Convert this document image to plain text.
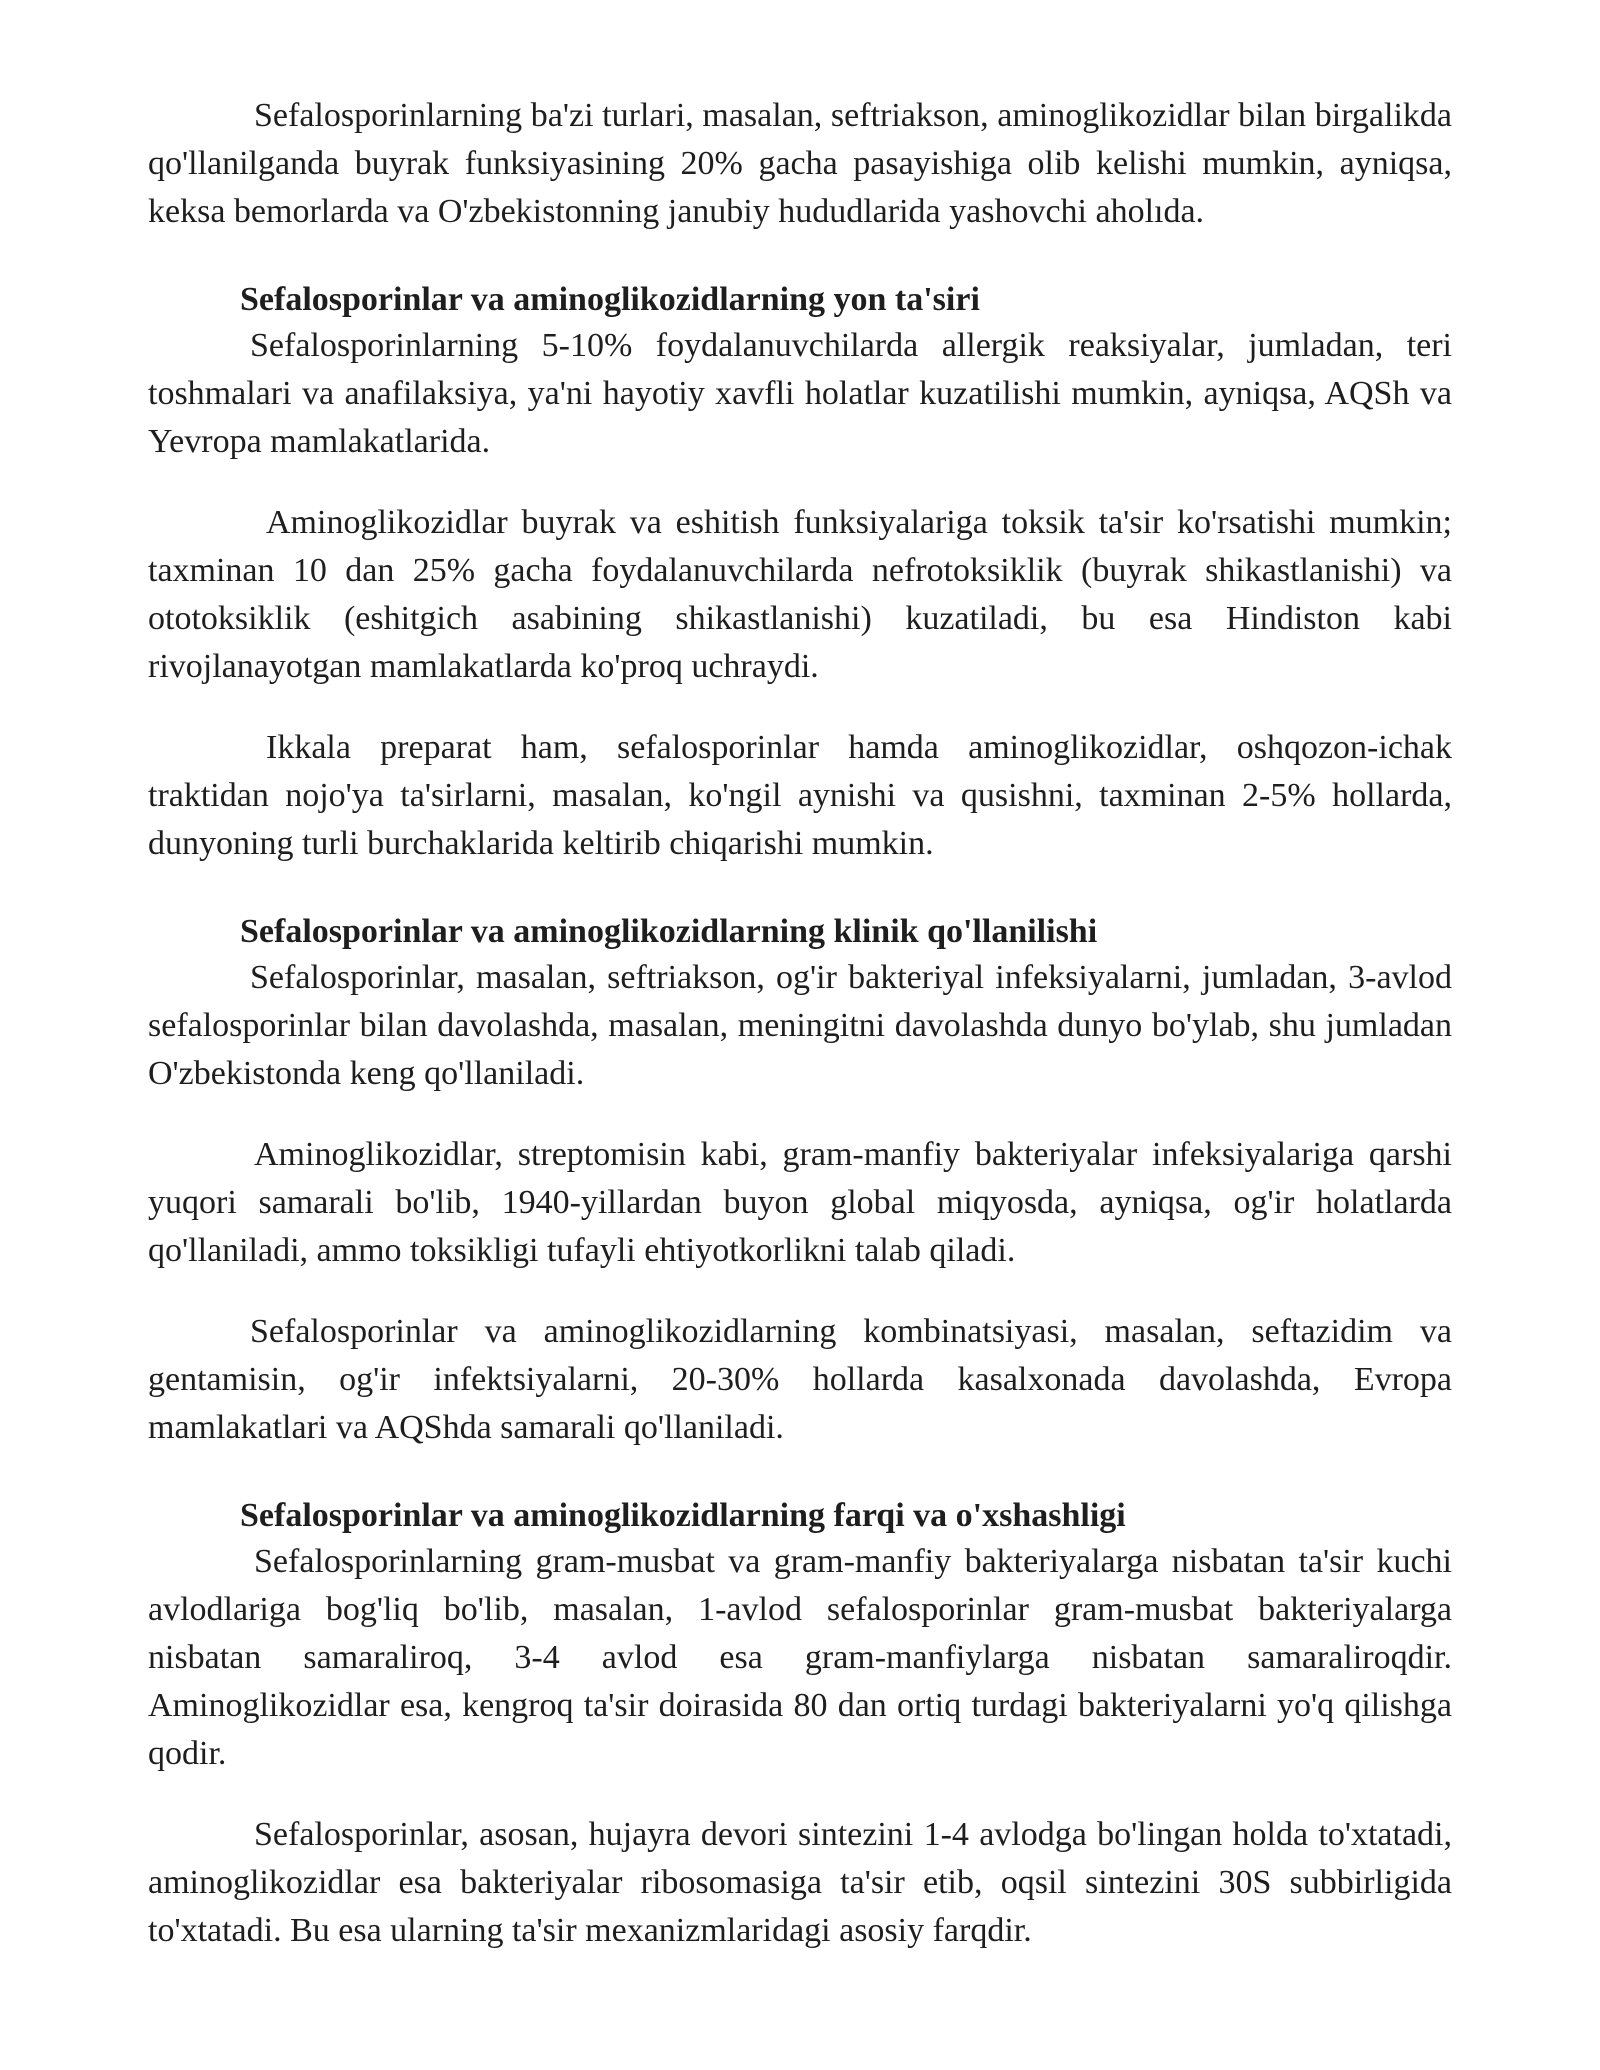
Sefalosporinlarning ba'zi turlari, masalan, seftriakson, aminoglikozidlar bilan birgalikda qo'llanilganda buyrak funksiyasining 20% gacha pasayishiga olib kelishi mumkin, ayniqsa, keksa bemorlarda va O'zbekistonning janubiy hududlarida yashovchi aholıda.

Sefalosporinlar va aminoglikozidlarning yon ta'siri

Sefalosporinlarning 5-10% foydalanuvchilarda allergik reaksiyalar, jumladan, teri toshmalari va anafilaksiya, ya'ni hayotiy xavfli holatlar kuzatilishi mumkin, ayniqsa, AQSh va Yevropa mamlakatlarida.

Aminoglikozidlar buyrak va eshitish funksiyalariga toksik ta'sir ko'rsatishi mumkin; taxminan 10 dan 25% gacha foydalanuvchilarda nefrotoksiklik (buyrak shikastlanishi) va ototoksiklik (eshitgich asabining shikastlanishi) kuzatiladi, bu esa Hindiston kabi rivojlanayotgan mamlakatlarda ko'proq uchraydi.

Ikkala preparat ham, sefalosporinlar hamda aminoglikozidlar, oshqozon-ichak traktidan nojo'ya ta'sirlarni, masalan, ko'ngil aynishi va qusishni, taxminan 2-5% hollarda, dunyoning turli burchaklarida keltirib chiqarishi mumkin.

Sefalosporinlar va aminoglikozidlarning klinik qo'llanilishi

Sefalosporinlar, masalan, seftriakson, og'ir bakteriyal infeksiyalarni, jumladan, 3-avlod sefalosporinlar bilan davolashda, masalan, meningitni davolashda dunyo bo'ylab, shu jumladan O'zbekistonda keng qo'llaniladi.

Aminoglikozidlar, streptomisin kabi, gram-manfiy bakteriyalar infeksiyalariga qarshi yuqori samarali bo'lib, 1940-yillardan buyon global miqyosda, ayniqsa, og'ir holatlarda qo'llaniladi, ammo toksikligi tufayli ehtiyotkorlikni talab qiladi.

Sefalosporinlar va aminoglikozidlarning kombinatsiyasi, masalan, seftazidim va gentamisin, og'ir infektsiyalarni, 20-30% hollarda kasalxonada davolashda, Evropa mamlakatlari va AQShda samarali qo'llaniladi.

Sefalosporinlar va aminoglikozidlarning farqi va o'xshashligi

Sefalosporinlarning gram-musbat va gram-manfiy bakteriyalarga nisbatan ta'sir kuchi avlodlariga bog'liq bo'lib, masalan, 1-avlod sefalosporinlar gram-musbat bakteriyalarga nisbatan samaraliroq, 3-4 avlod esa gram-manfiylarga nisbatan samaraliroqdir. Aminoglikozidlar esa, kengroq ta'sir doirasida 80 dan ortiq turdagi bakteriyalarni yo'q qilishga qodir.

Sefalosporinlar, asosan, hujayra devori sintezini 1-4 avlodga bo'lingan holda to'xtatadi, aminoglikozidlar esa bakteriyalar ribosomasiga ta'sir etib, oqsil sintezini 30S subbirligida to'xtatadi. Bu esa ularning ta'sir mexanizmlaridagi asosiy farqdir.
